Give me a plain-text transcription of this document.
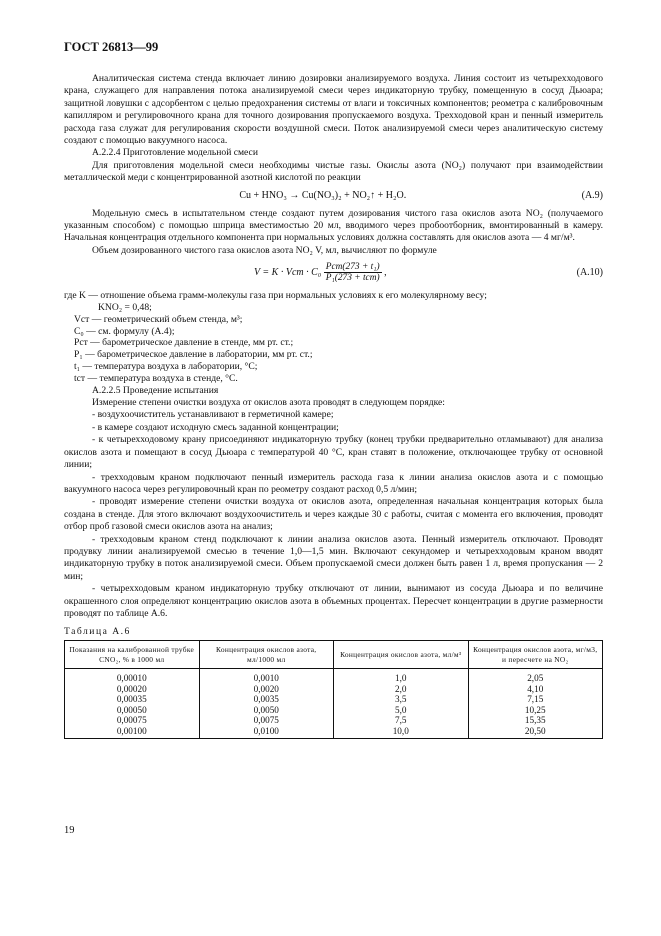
ГОСТ 26813—99

Аналитическая система стенда включает линию дозировки анализируемого воздуха. Линия состоит из четырехходового крана, служащего для направления потока анализируемой смеси через индикаторную трубку, помещенную в сосуд Дьюара; защитной ловушки с адсорбентом с целью предохранения системы от влаги и токсичных компонентов; реометра с калибровочным капилляром и регулировочного крана для точного дозирования пропускаемого воздуха. Трехходовой кран и пенный измеритель расхода газа служат для регулирования скорости воздушной смеси. Поток анализируемой смеси через аналитическую систему создают с помощью вакуумного насоса.

А.2.2.4 Приготовление модельной смеси

Для приготовления модельной смеси необходимы чистые газы. Окислы азота (NO₂) получают при взаимодействии металлической меди с концентрированной азотной кислотой по реакции

Cu + HNO₃ → Cu(NO₃)₂ + NO₂↑ + H₂O.	(А.9)

Модельную смесь в испытательном стенде создают путем дозирования чистого газа окислов азота NO₂ (получаемого указанным способом) с помощью шприца вместимостью 20 мл, вводимого через пробоотборник, вмонтированный в камеру. Начальная концентрация отдельного компонента при нормальных условиях должна составлять для окислов азота — 4 мг/м³.

Объем дозированного чистого газа окислов азота NO₂ V, мл, вычисляют по формуле

V = K · Vст · $C_0 \frac{\text{Pст(273 + t₁)}}{\text{P₁(273 + tст)}}$ ,	(А.10)
где K — отношение объема грамм-молекулы газа при нормальных условиях к его молекулярному весу;
KNO₂ = 0,48;
Vст — геометрический объем стенда, м³;
C₀ — см. формулу (А.4);
Pст — барометрическое давление в стенде, мм рт. ст.;
P₁ — барометрическое давление в лаборатории, мм рт. ст.;
t₁ — температура воздуха в лаборатории, °С;
tст — температура воздуха в стенде, °С.
А.2.2.5 Проведение испытания

Измерение степени очистки воздуха от окислов азота проводят в следующем порядке:

- воздухоочиститель устанавливают в герметичной камере;

- в камере создают исходную смесь заданной концентрации;

- к четырехходовому крану присоединяют индикаторную трубку (конец трубки предварительно отламывают) для анализа окислов азота и помещают в сосуд Дьюара с температурой 40 °С, кран ставят в положение, отключающее трубку от основной линии;

- трехходовым краном подключают пенный измеритель расхода газа к линии анализа окислов азота и с помощью вакуумного насоса через регулировочный кран по реометру создают расход 0,5 л/мин;

- проводят измерение степени очистки воздуха от окислов азота, определенная начальная концентрация которых была создана в стенде. Для этого включают воздухоочиститель и через каждые 30 с работы, считая с момента его включения, проводят отбор проб газовой смеси окислов азота на анализ;

- трехходовым краном стенд подключают к линии анализа окислов азота. Пенный измеритель отключают. Проводят продувку линии анализируемой смесью в течение 1,0—1,5 мин. Включают секундомер и четырехходовым краном вводят индикаторную трубку в поток анализируемой смеси. Объем пропускаемой смеси должен быть равен 1 л, время пропускания — 2 мин;

- четырехходовым краном индикаторную трубку отключают от линии, вынимают из сосуда Дьюара и по величине окрашенного слоя определяют концентрацию окислов азота в объемных процентах. Пересчет концентрации в другие размерности проводят по таблице А.6.

Таблица А.6
Показания на калиброванной трубке CNO₂, % в 1000 мл	Концентрация окислов азота, мл/1000 мл	Концентрация окислов азота, мл/м³	Концентрация окислов азота, мг/м3, и пересчете на NO₂
0,00010	0,0010	1,0	2,05
0,00020	0,0020	2,0	4,10
0,00035	0,0035	3,5	7,15
0,00050	0,0050	5,0	10,25
0,00075	0,0075	7,5	15,35
0,00100	0,0100	10,0	20,50
19
